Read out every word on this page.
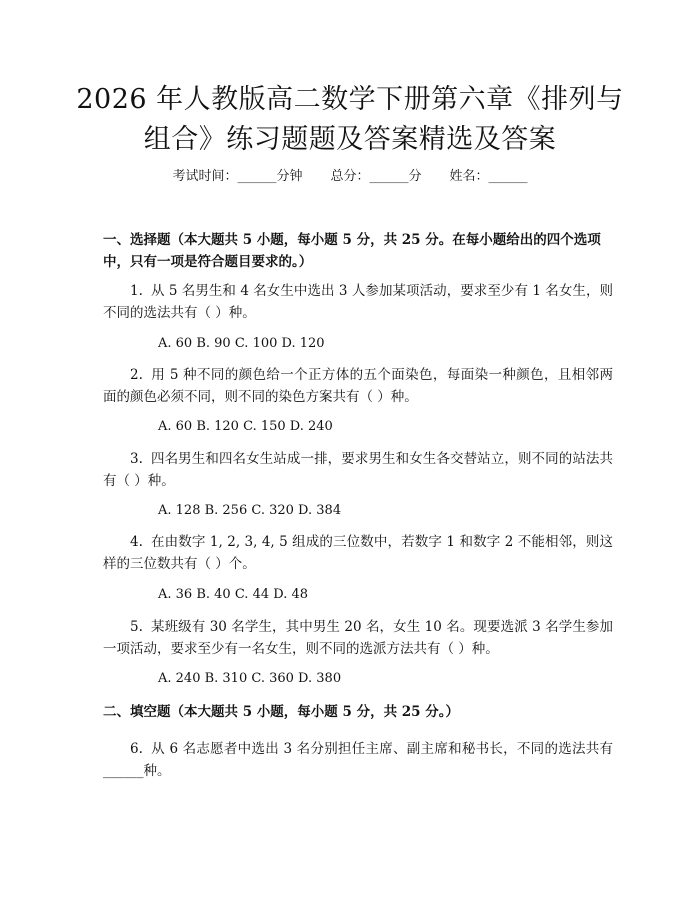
2026 年人教版高二数学下册第六章《排列与
组合》练习题题及答案精选及答案
考试时间：______分钟 总分：______分 姓名：______
一、选择题（本大题共 5 小题，每小题 5 分，共 25 分。在每小题给出的四个选项中，只有一项是符合题目要求的。）
1. 从 5 名男生和 4 名女生中选出 3 人参加某项活动，要求至少有 1 名女生，则不同的选法共有（ ）种。
A. 60 B. 90 C. 100 D. 120
2. 用 5 种不同的颜色给一个正方体的五个面染色，每面染一种颜色，且相邻两面的颜色必须不同，则不同的染色方案共有（ ）种。
A. 60 B. 120 C. 150 D. 240
3. 四名男生和四名女生站成一排，要求男生和女生各交替站立，则不同的站法共有（ ）种。
A. 128 B. 256 C. 320 D. 384
4. 在由数字 1, 2, 3, 4, 5 组成的三位数中，若数字 1 和数字 2 不能相邻，则这样的三位数共有（ ）个。
A. 36 B. 40 C. 44 D. 48
5. 某班级有 30 名学生，其中男生 20 名，女生 10 名。现要选派 3 名学生参加一项活动，要求至少有一名女生，则不同的选派方法共有（ ）种。
A. 240 B. 310 C. 360 D. 380
二、填空题（本大题共 5 小题，每小题 5 分，共 25 分。）
6. 从 6 名志愿者中选出 3 名分别担任主席、副主席和秘书长，不同的选法共有______种。
